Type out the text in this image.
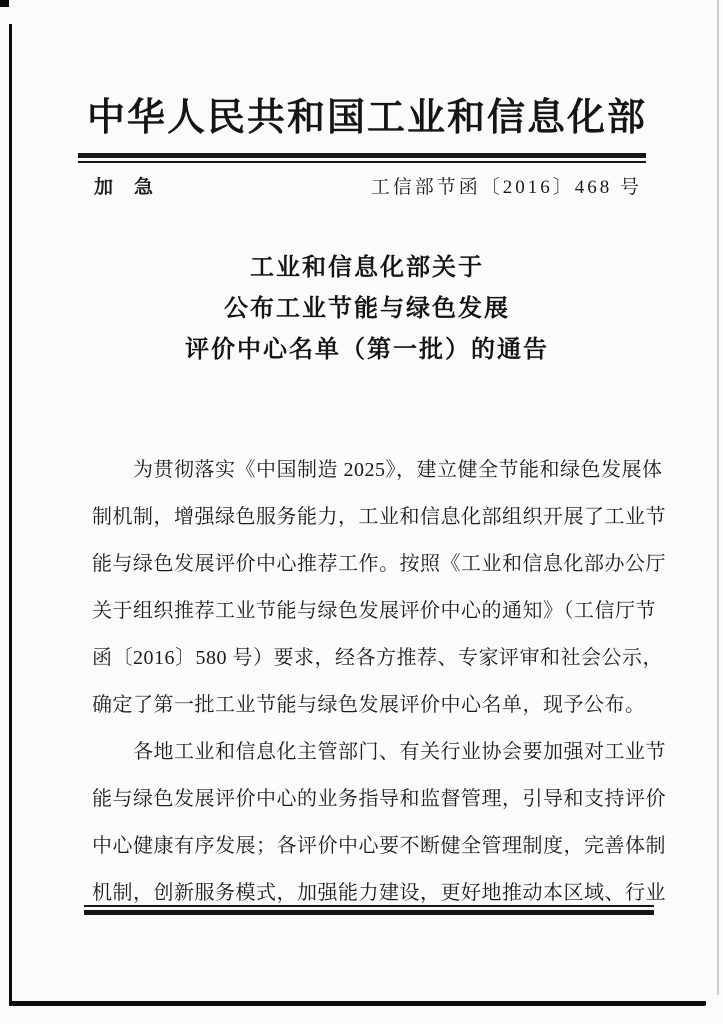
中华人民共和国工业和信息化部
加　急	工信部节函〔2016〕468 号
工业和信息化部关于
公布工业节能与绿色发展
评价中心名单（第一批）的通告
为贯彻落实《中国制造 2025》，建立健全节能和绿色发展体
制机制，增强绿色服务能力，工业和信息化部组织开展了工业节
能与绿色发展评价中心推荐工作。按照《工业和信息化部办公厅
关于组织推荐工业节能与绿色发展评价中心的通知》（工信厅节
函〔2016〕580 号）要求，经各方推荐、专家评审和社会公示，
确定了第一批工业节能与绿色发展评价中心名单，现予公布。
各地工业和信息化主管部门、有关行业协会要加强对工业节
能与绿色发展评价中心的业务指导和监督管理，引导和支持评价
中心健康有序发展；各评价中心要不断健全管理制度，完善体制
机制，创新服务模式，加强能力建设，更好地推动本区域、行业
